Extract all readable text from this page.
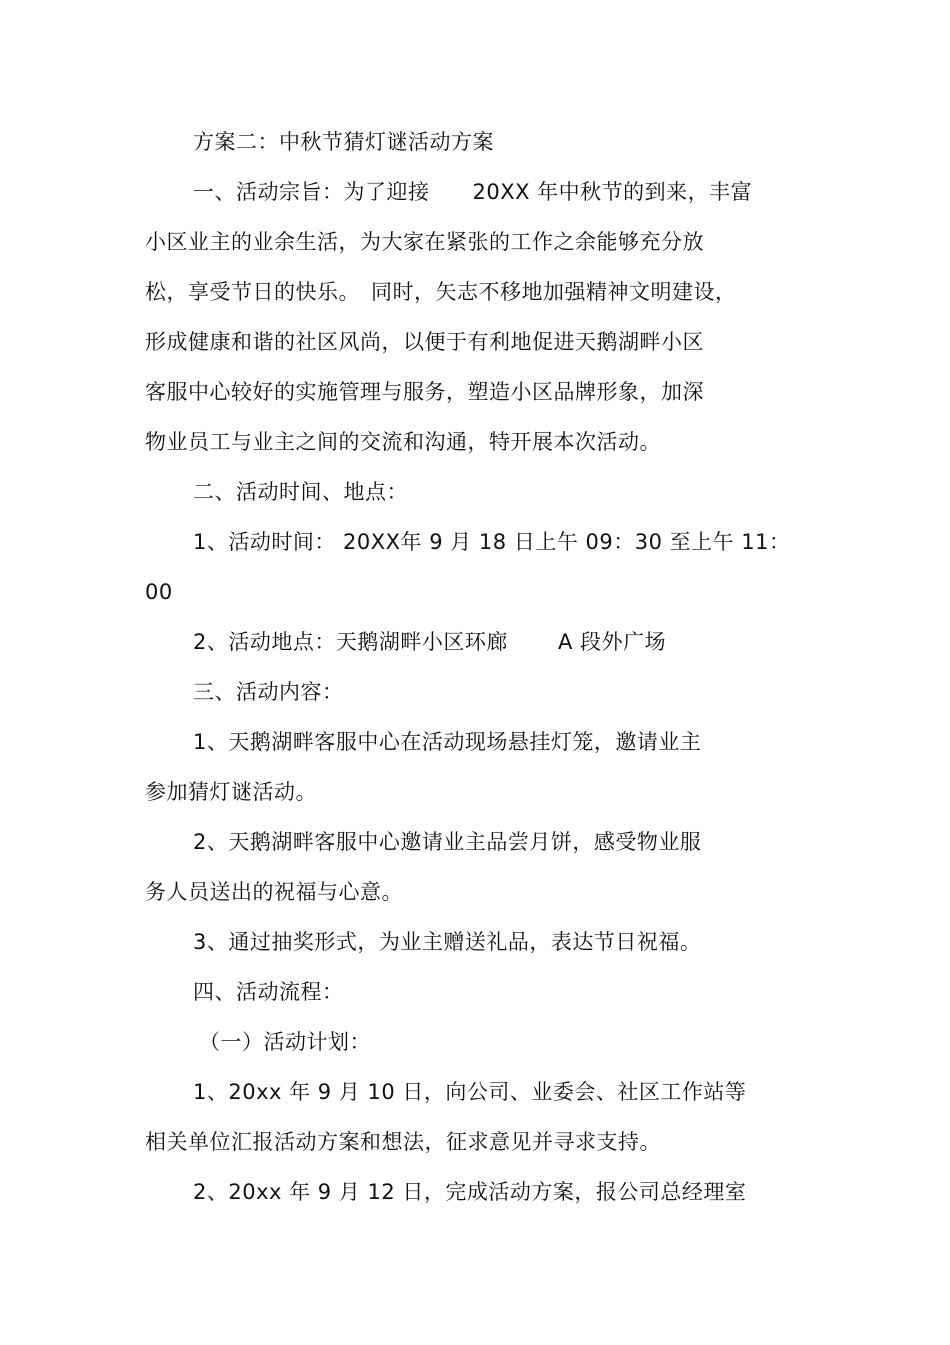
方案二：中秋节猜灯谜活动方案
一、活动宗旨：为了迎接　　20XX 年中秋节的到来，丰富
小区业主的业余生活，为大家在紧张的工作之余能够充分放
松，享受节日的快乐。　同时，矢志不移地加强精神文明建设，
形成健康和谐的社区风尚，以便于有利地促进天鹅湖畔小区
客服中心较好的实施管理与服务，塑造小区品牌形象，加深
物业员工与业主之间的交流和沟通，特开展本次活动。
二、活动时间、地点：
1、活动时间： 20XX年 9 月 18 日上午 09：30 至上午 11：
00
2、活动地点：天鹅湖畔小区环廊　　 A 段外广场
三、活动内容：
1、天鹅湖畔客服中心在活动现场悬挂灯笼，邀请业主
参加猜灯谜活动。
2、天鹅湖畔客服中心邀请业主品尝月饼，感受物业服
务人员送出的祝福与心意。
3、通过抽奖形式，为业主赠送礼品，表达节日祝福。
四、活动流程：
（一）活动计划：
1、20xx 年 9 月 10 日，向公司、业委会、社区工作站等
相关单位汇报活动方案和想法，征求意见并寻求支持。
2、20xx 年 9 月 12 日，完成活动方案，报公司总经理室
